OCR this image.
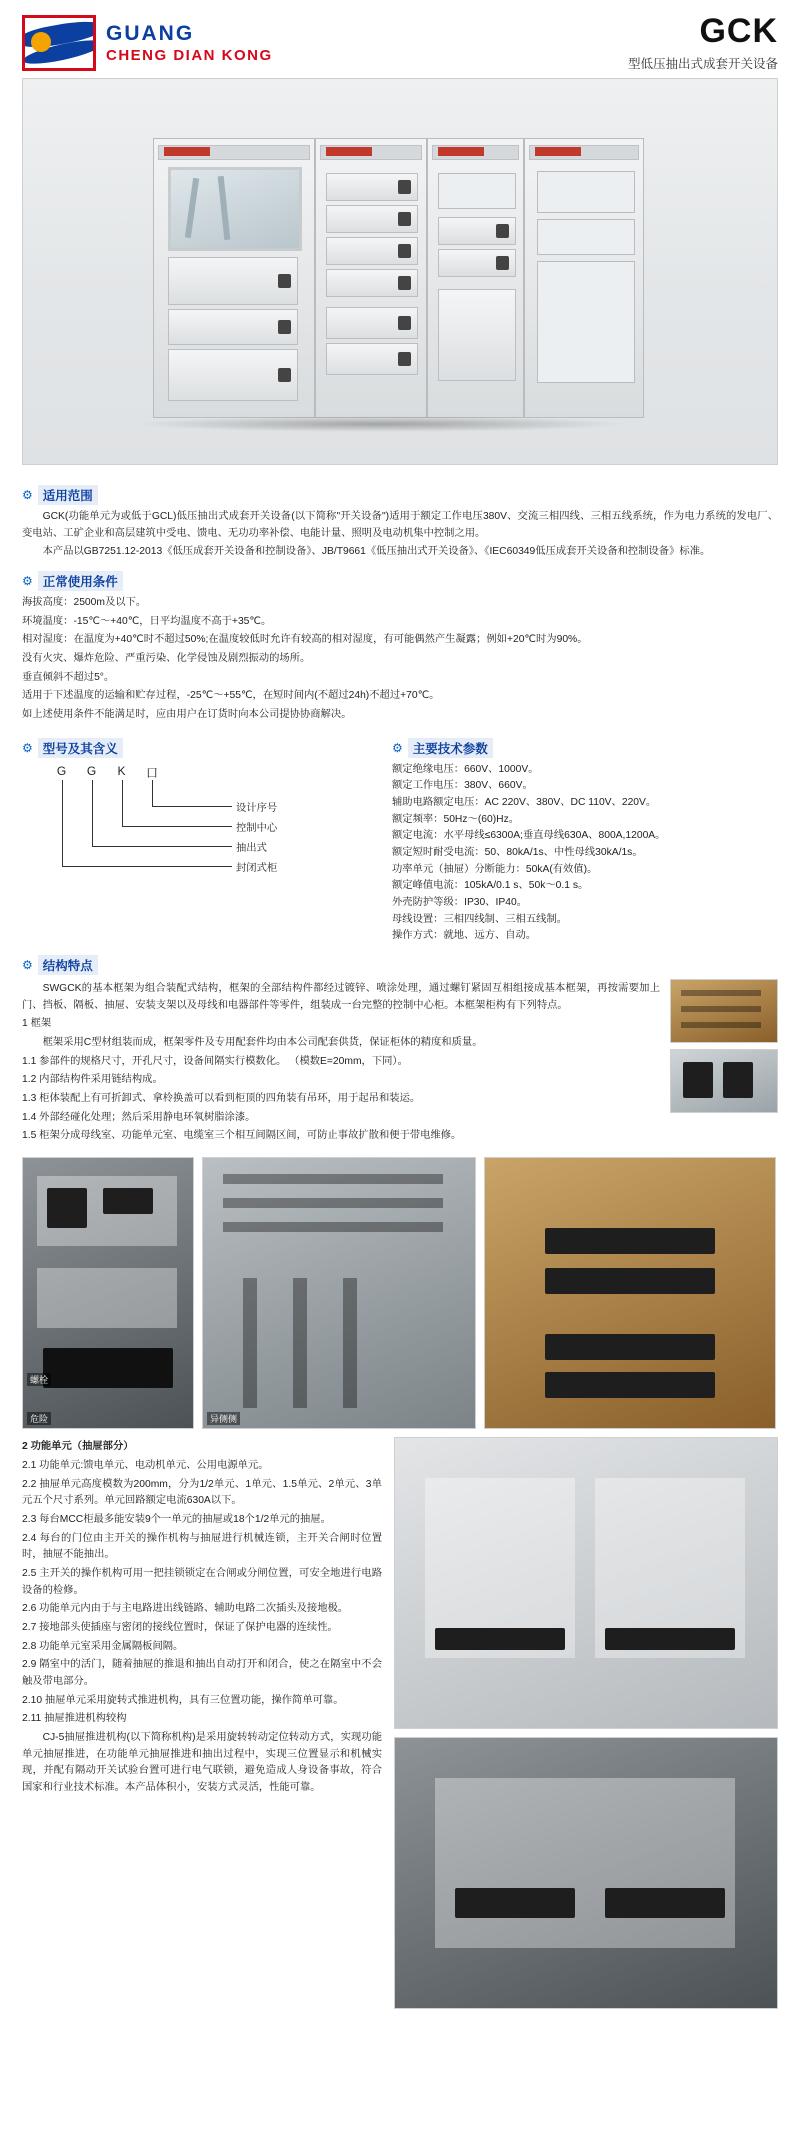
GUANG
CHENG DIAN KONG
GCK
型低压抽出式成套开关设备
⚙ 适用范围

GCK(功能单元为或低于GCL)低压抽出式成套开关设备(以下简称"开关设备")适用于额定工作电压380V、交流三相四线、三相五线系统，作为电力系统的发电厂、变电站、工矿企业和高层建筑中受电、馈电、无功功率补偿、电能计量、照明及电动机集中控制之用。

本产品以GB7251.12-2013《低压成套开关设备和控制设备》、JB/T9661《低压抽出式开关设备》、《IEC60349低压成套开关设备和控制设备》标准。

⚙ 正常使用条件
海拔高度：2500m及以下。
环境温度：-15℃～+40℃，日平均温度不高于+35℃。
相对湿度：在温度为+40℃时不超过50%;在温度较低时允许有较高的相对湿度，有可能偶然产生凝露；例如+20℃时为90%。
没有火灾、爆炸危险、严重污染、化学侵蚀及剧烈振动的场所。
垂直倾斜不超过5°。
适用于下述温度的运输和贮存过程，-25℃～+55℃，在短时间内(不超过24h)不超过+70℃。
如上述使用条件不能满足时，应由用户在订货时向本公司提协协商解决。
⚙ 型号及其含义
G G K 口
设计序号
控制中心
抽出式
封闭式柜
⚙ 主要技术参数
额定绝缘电压：660V、1000V。
额定工作电压：380V、660V。
辅助电路额定电压：AC 220V、380V、DC 110V、220V。
额定频率：50Hz～(60)Hz。
额定电流：水平母线≤6300A;垂直母线630A、800A,1200A。
额定短时耐受电流：50、80kA/1s、中性母线30kA/1s。
功率单元（抽屉）分断能力：50kA(有效值)。
额定峰值电流：105kA/0.1 s、50k～0.1 s。
外壳防护等级：IP30、IP40。
母线设置：三相四线制、三相五线制。
操作方式：就地、远方、自动。
⚙ 结构特点

SWGCK的基本框架为组合装配式结构，框架的全部结构件都经过镀锌、喷涂处理，通过螺钉紧固互相组接成基本框架，再按需要加上门、挡板、隔板、抽屉、安装支架以及母线和电器部件等零件，组装成一台完整的控制中心柜。本框架柜构有下列特点。

1 框架
框架采用C型材组装而成，框架零件及专用配套件均由本公司配套供货，保证柜体的精度和质量。
1.1 参部件的规格尺寸，开孔尺寸，设备间隔实行模数化。 （模数E=20mm，下同）。
1.2 内部结构件采用链结构成。
1.3 柜体装配上有可折卸式、拿柃换盖可以看到柜顶的四角装有吊环，用于起吊和装运。
1.4 外部经碰化处理；然后采用静电环氧树脂涂漆。
1.5 柜架分成母线室、功能单元室、电缆室三个相互间隔区间，可防止事故扩散和便于带电维修。
危险
螺栓
异侧侧
2 功能单元（抽屉部分）
2.1 功能单元:馈电单元、电动机单元、公用电源单元。
2.2 抽屉单元高度模数为200mm，分为1/2单元、1单元、1.5单元、2单元、3单元五个尺寸系列。单元回路额定电流630A以下。
2.3 每台MCC柜最多能安装9个一单元的抽屉或18个1/2单元的抽屉。
2.4 每台的门位由主开关的操作机构与抽屉进行机械连锁，主开关合闸时位置时，抽屉不能抽出。
2.5 主开关的操作机构可用一把挂锁锁定在合闸或分闸位置，可安全地进行电路设备的检修。
2.6 功能单元内由于与主电路进出线链路、辅助电路二次插头及接地极。
2.7 接地部头使插座与密闭的接线位置时，保证了保护电器的连续性。
2.8 功能单元室采用金属隔板间隔。
2.9 隔室中的活门，随着抽屉的推退和抽出自动打开和闭合，使之在隔室中不会触及带电部分。
2.10 抽屉单元采用旋转式推进机构，具有三位置功能，操作简单可靠。
2.11 抽屉推进机构较构
CJ-5抽屉推进机构(以下简称机构)是采用旋转转动定位转动方式，实现功能单元抽屉推进，在功能单元抽屉推进和抽出过程中，实现三位置显示和机械实现，并配有隔动开关试验台置可进行电气联锁，避免造成人身设备事故，符合国家和行业技术标准。本产品体积小，安装方式灵活，性能可靠。
